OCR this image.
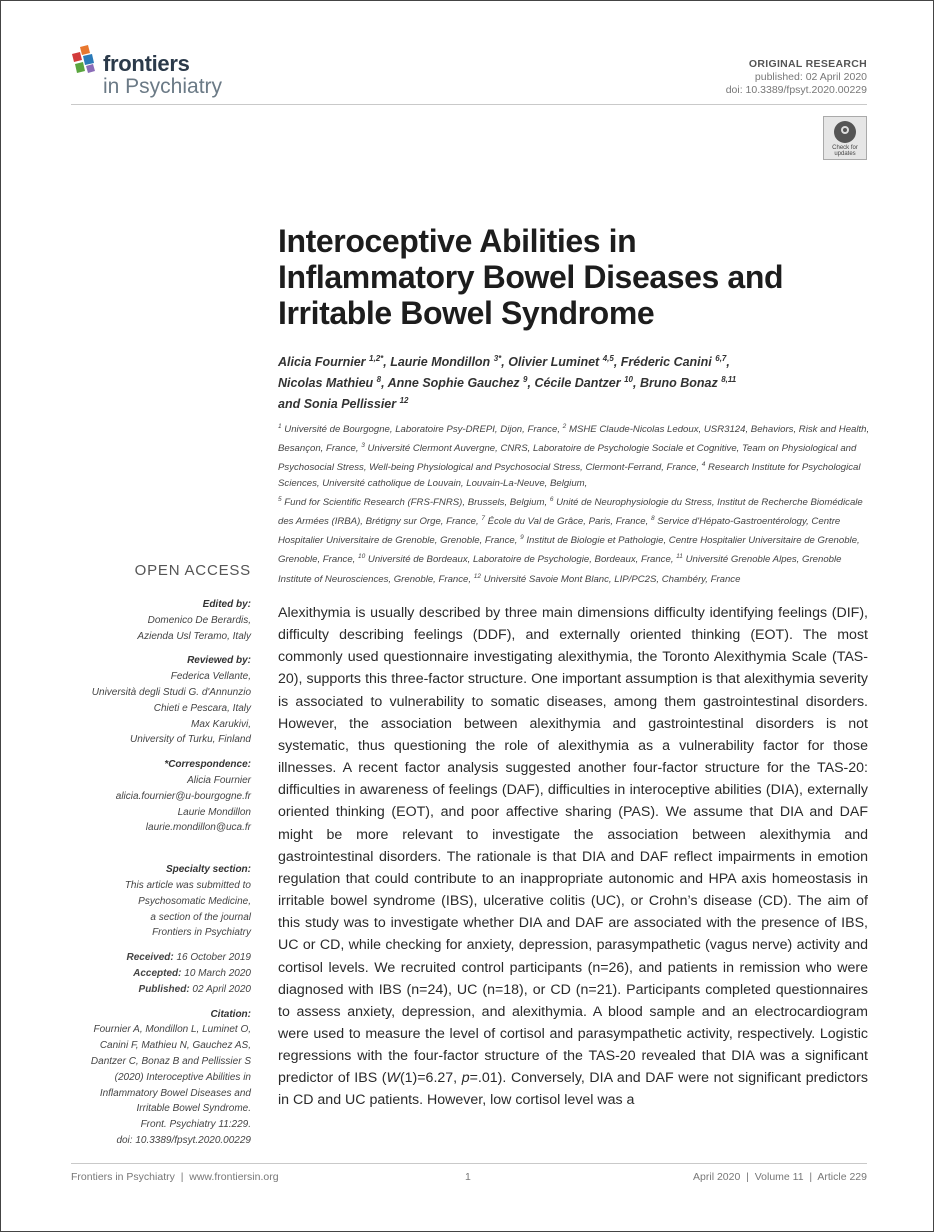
frontiers
in Psychiatry
ORIGINAL RESEARCH
published: 02 April 2020
doi: 10.3389/fpsyt.2020.00229
Check for updates
Interoceptive Abilities in
Inflammatory Bowel Diseases and
Irritable Bowel Syndrome
Alicia Fournier $^{1,2*}$, Laurie Mondillon $^{3*}$, Olivier Luminet $^{4,5}$, Fréderic Canini $^{6,7}$,
Nicolas Mathieu $^8$, Anne Sophie Gauchez $^9$, Cécile Dantzer $^{10}$, Bruno Bonaz $^{8,11}$
and Sonia Pellissier $^{12}$
$^1$ Université de Bourgogne, Laboratoire Psy-DREPI, Dijon, France, $^2$ MSHE Claude-Nicolas Ledoux, USR3124, Behaviors, Risk and Health, Besançon, France, $^3$ Université Clermont Auvergne, CNRS, Laboratoire de Psychologie Sociale et Cognitive, Team on Physiological and Psychosocial Stress, Well-being Physiological and Psychosocial Stress, Clermont-Ferrand, France, $^4$ Research Institute for Psychological Sciences, Université catholique de Louvain, Louvain-La-Neuve, Belgium,
$^5$ Fund for Scientific Research (FRS-FNRS), Brussels, Belgium, $^6$ Unité de Neurophysiologie du Stress, Institut de Recherche Biomédicale des Armées (IRBA), Brétigny sur Orge, France, $^7$ École du Val de Grâce, Paris, France, $^8$ Service d'Hépato-Gastroentérology, Centre Hospitalier Universitaire de Grenoble, Grenoble, France, $^9$ Institut de Biologie et Pathologie, Centre Hospitalier Universitaire de Grenoble, Grenoble, France, $^{10}$ Université de Bordeaux, Laboratoire de Psychologie, Bordeaux, France, $^{11}$ Université Grenoble Alpes, Grenoble Institute of Neurosciences, Grenoble, France, $^{12}$ Université Savoie Mont Blanc, LIP/PC2S, Chambéry, France
OPEN ACCESS
Edited by:
Domenico De Berardis,
Azienda Usl Teramo, Italy
Reviewed by:
Federica Vellante,
Università degli Studi G. d'Annunzio
Chieti e Pescara, Italy
Max Karukivi,
University of Turku, Finland
*Correspondence:
Alicia Fournier
alicia.fournier@u-bourgogne.fr
Laurie Mondillon
laurie.mondillon@uca.fr
Specialty section:
This article was submitted to
Psychosomatic Medicine,
a section of the journal
Frontiers in Psychiatry
Received: 16 October 2019
Accepted: 10 March 2020
Published: 02 April 2020
Citation:
Fournier A, Mondillon L, Luminet O,
Canini F, Mathieu N, Gauchez AS,
Dantzer C, Bonaz B and Pellissier S
(2020) Interoceptive Abilities in
Inflammatory Bowel Diseases and
Irritable Bowel Syndrome.
Front. Psychiatry 11:229.
doi: 10.3389/fpsyt.2020.00229
Alexithymia is usually described by three main dimensions difficulty identifying feelings (DIF), difficulty describing feelings (DDF), and externally oriented thinking (EOT). The most commonly used questionnaire investigating alexithymia, the Toronto Alexithymia Scale (TAS-20), supports this three-factor structure. One important assumption is that alexithymia severity is associated to vulnerability to somatic diseases, among them gastrointestinal disorders. However, the association between alexithymia and gastrointestinal disorders is not systematic, thus questioning the role of alexithymia as a vulnerability factor for those illnesses. A recent factor analysis suggested another four-factor structure for the TAS-20: difficulties in awareness of feelings (DAF), difficulties in interoceptive abilities (DIA), externally oriented thinking (EOT), and poor affective sharing (PAS). We assume that DIA and DAF might be more relevant to investigate the association between alexithymia and gastrointestinal disorders. The rationale is that DIA and DAF reflect impairments in emotion regulation that could contribute to an inappropriate autonomic and HPA axis homeostasis in irritable bowel syndrome (IBS), ulcerative colitis (UC), or Crohn’s disease (CD). The aim of this study was to investigate whether DIA and DAF are associated with the presence of IBS, UC or CD, while checking for anxiety, depression, parasympathetic (vagus nerve) activity and cortisol levels. We recruited control participants (n=26), and patients in remission who were diagnosed with IBS (n=24), UC (n=18), or CD (n=21). Participants completed questionnaires to assess anxiety, depression, and alexithymia. A blood sample and an electrocardiogram were used to measure the level of cortisol and parasympathetic activity, respectively. Logistic regressions with the four-factor structure of the TAS-20 revealed that DIA was a significant predictor of IBS (W(1)=6.27, p=.01). Conversely, DIA and DAF were not significant predictors in CD and UC patients. However, low cortisol level was a
Frontiers in Psychiatry  |  www.frontiersin.org	1	April 2020  |  Volume 11  |  Article 229
